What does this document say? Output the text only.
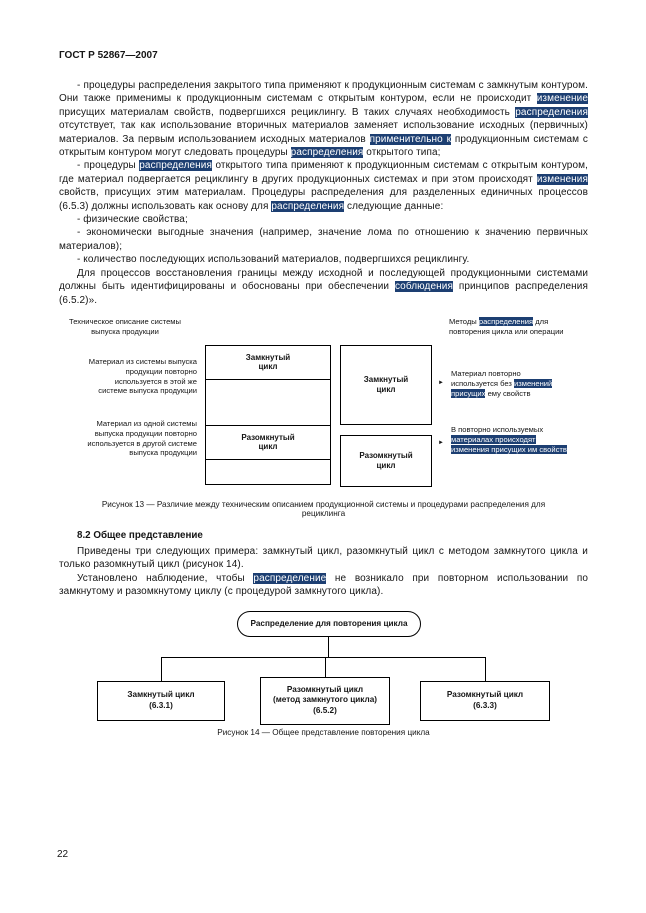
ГОСТ Р 52867—2007

- процедуры распределения закрытого типа применяют к продукционным системам с замкнутым контуром. Они также применимы к продукционным системам с открытым контуром, если не происходит изменение присущих материалам свойств, подвергшихся рециклингу. В таких случаях необходимость распределения отсутствует, так как использование вторичных материалов заменяет использование исходных (первичных) материалов. За первым использованием исходных материалов применительно к продукционным системам с открытым контуром могут следовать процедуры распределения открытого типа;

- процедуры распределения открытого типа применяют к продукционным системам с открытым контуром, где материал подвергается рециклингу в других продукционных системах и при этом происходят изменения свойств, присущих этим материалам. Процедуры распределения для разделенных единичных процессов (6.5.3) должны использовать как основу для распределения следующие данные:

- физические свойства;

- экономически выгодные значения (например, значение лома по отношению к значению первичных материалов);

- количество последующих использований материалов, подвергшихся рециклингу.

Для процессов восстановления границы между исходной и последующей продукционными системами должны быть идентифицированы и обоснованы при обеспечении соблюдения принципов распределения (6.5.2)».

Техническое описание системы выпуска продукции
Методы распределения для повторения цикла или операции
Материал из системы выпуска продукции повторно используется в этой же системе выпуска продукции
Материал из одной системы выпуска продукции повторно используется в другой системе выпуска продукции
Замкнутый цикл
Разомкнутый цикл
Замкнутый цикл
Разомкнутый цикл
►
►
Материал повторно используется без изменений присущих ему свойств
В повторно используемых материалах происходят изменения присущих им свойств
Рисунок 13 — Различие между техническим описанием продукционной системы и процедурами распределения для рециклинга
8.2 Общее представление

Приведены три следующих примера: замкнутый цикл, разомкнутый цикл с методом замкнутого цикла и только разомкнутый цикл (рисунок 14).

Установлено наблюдение, чтобы распределение не возникало при повторном использовании по замкнутому и разомкнутому циклу (с процедурой замкнутого цикла).

Распределение для повторения цикла
Замкнутый цикл
(6.3.1)
Разомкнутый цикл
(метод замкнутого цикла)
(6.5.2)
Разомкнутый цикл
(6.3.3)
Рисунок 14 — Общее представление повторения цикла
22
